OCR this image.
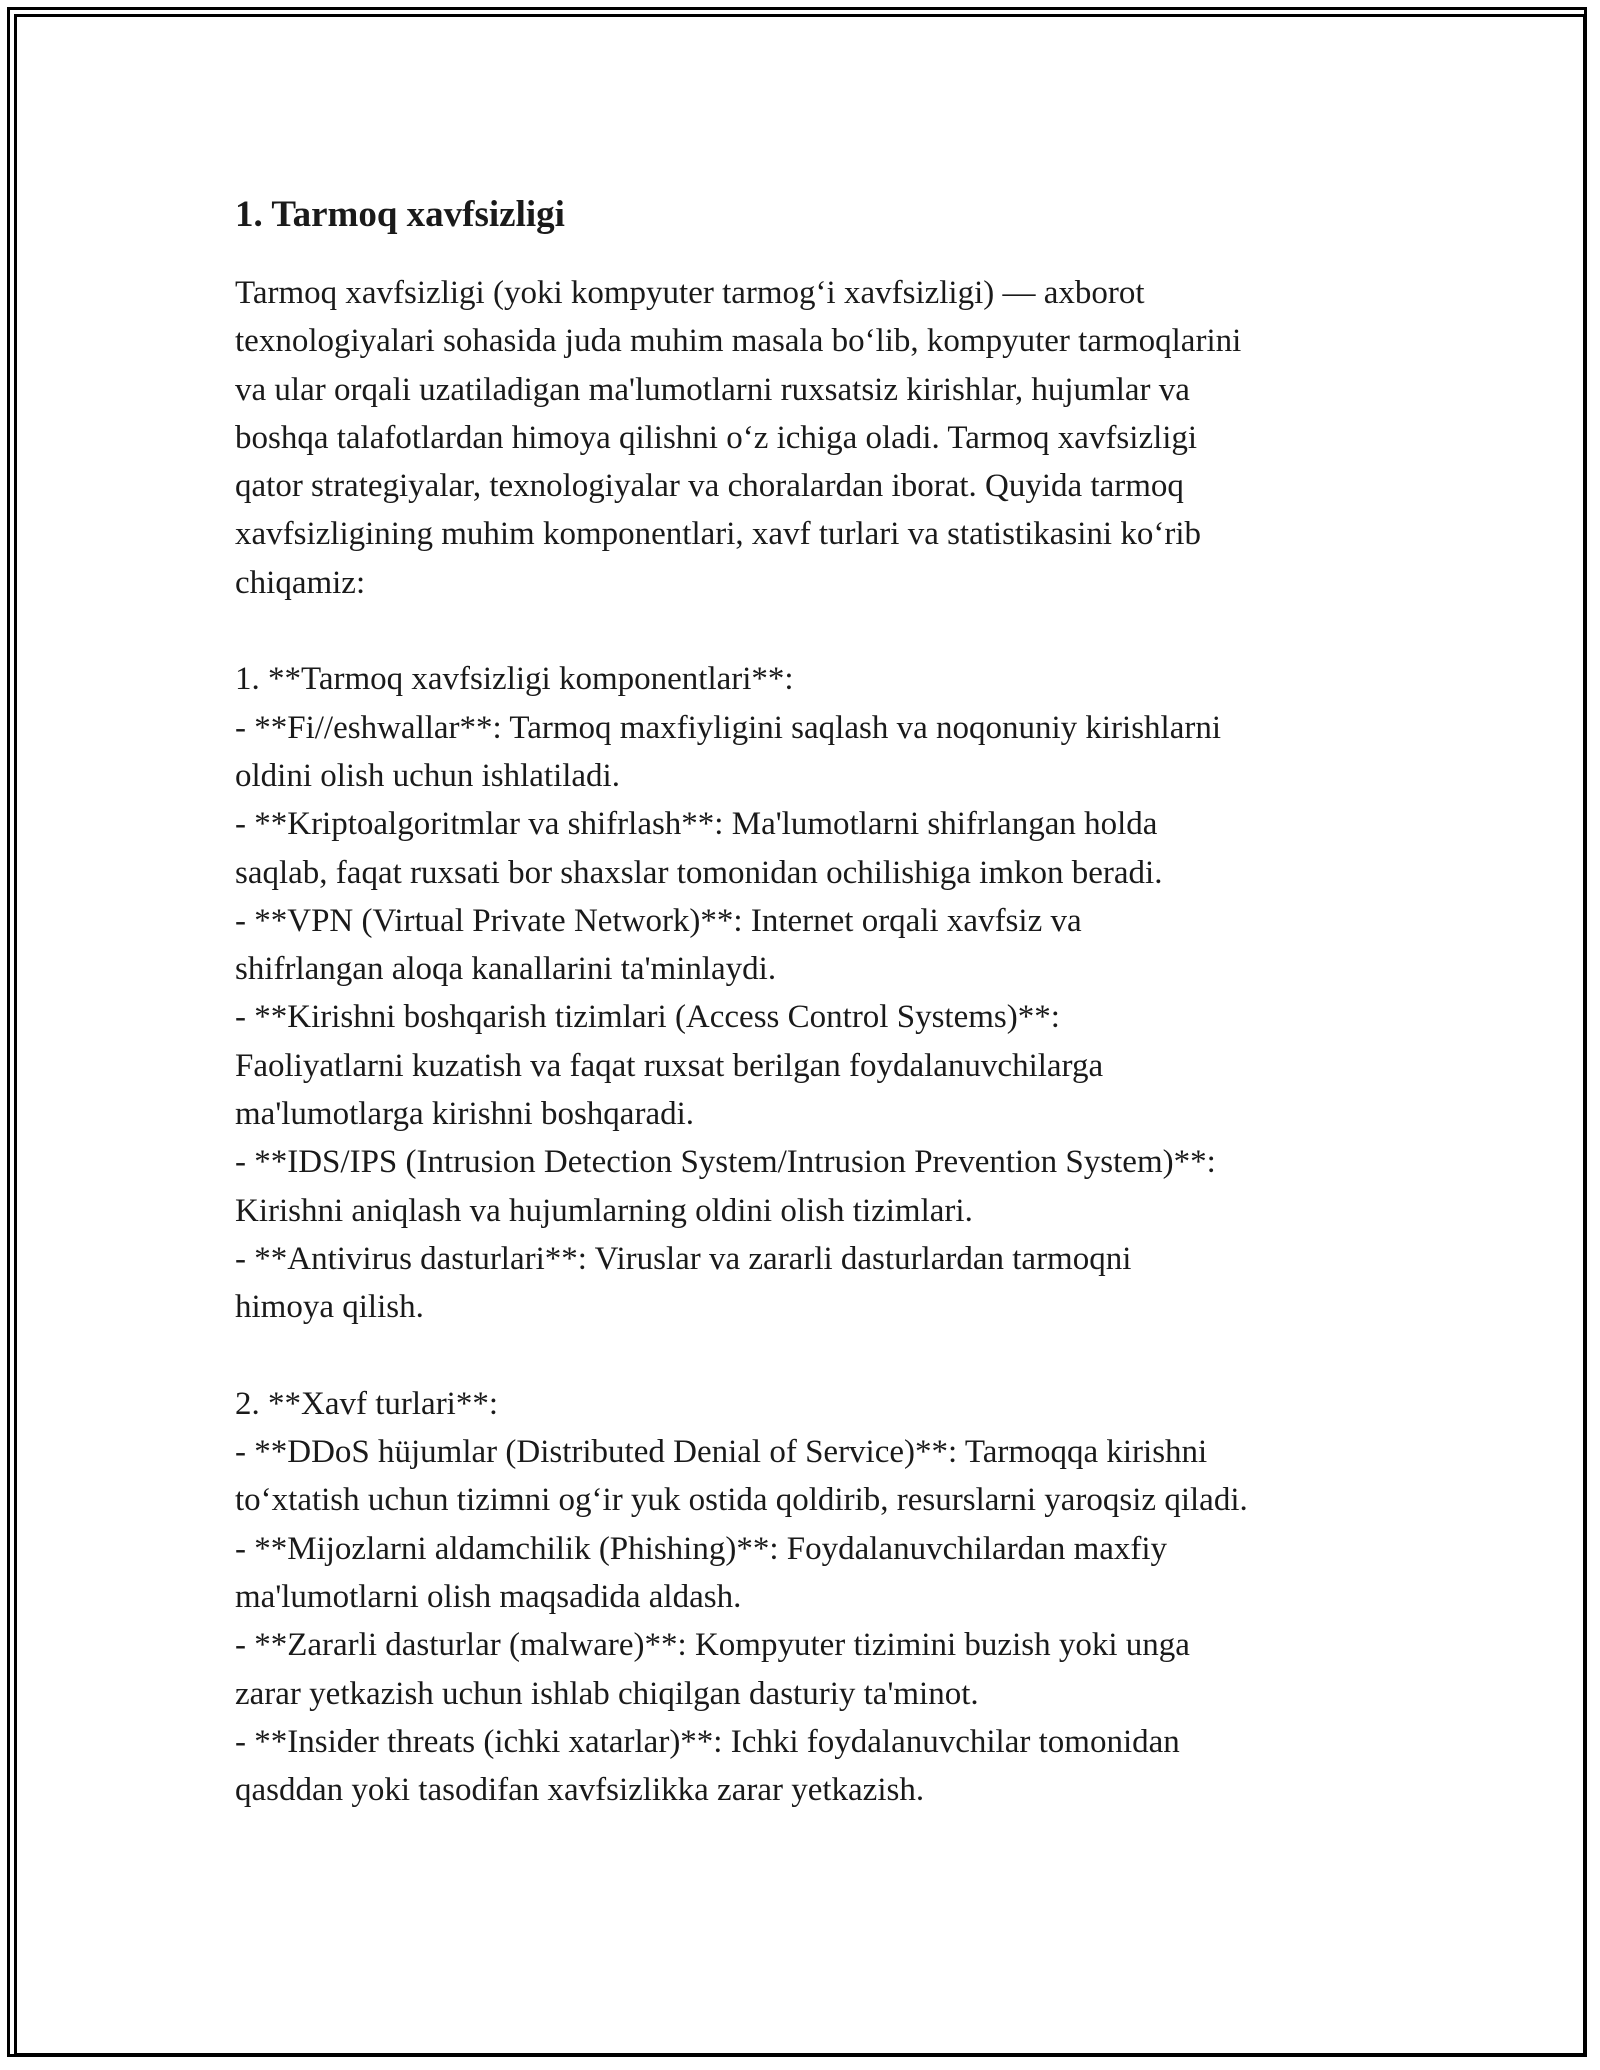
1. Tarmoq xavfsizligi

Tarmoq xavfsizligi (yoki kompyuter tarmog‘i xavfsizligi) — axborot
texnologiyalari sohasida juda muhim masala bo‘lib, kompyuter tarmoqlarini
va ular orqali uzatiladigan ma'lumotlarni ruxsatsiz kirishlar, hujumlar va
boshqa talafotlardan himoya qilishni o‘z ichiga oladi. Tarmoq xavfsizligi
qator strategiyalar, texnologiyalar va choralardan iborat. Quyida tarmoq
xavfsizligining muhim komponentlari, xavf turlari va statistikasini ko‘rib
chiqamiz:

1. **Tarmoq xavfsizligi komponentlari**:
- **Fi//eshwallar**: Tarmoq maxfiyligini saqlash va noqonuniy kirishlarni
oldini olish uchun ishlatiladi.
- **Kriptoalgoritmlar va shifrlash**: Ma'lumotlarni shifrlangan holda
saqlab, faqat ruxsati bor shaxslar tomonidan ochilishiga imkon beradi.
- **VPN (Virtual Private Network)**: Internet orqali xavfsiz va
shifrlangan aloqa kanallarini ta'minlaydi.
- **Kirishni boshqarish tizimlari (Access Control Systems)**:
Faoliyatlarni kuzatish va faqat ruxsat berilgan foydalanuvchilarga
ma'lumotlarga kirishni boshqaradi.
- **IDS/IPS (Intrusion Detection System/Intrusion Prevention System)**:
Kirishni aniqlash va hujumlarning oldini olish tizimlari.
- **Antivirus dasturlari**: Viruslar va zararli dasturlardan tarmoqni
himoya qilish.

2. **Xavf turlari**:
- **DDoS hüjumlar (Distributed Denial of Service)**: Tarmoqqa kirishni
to‘xtatish uchun tizimni og‘ir yuk ostida qoldirib, resurslarni yaroqsiz qiladi.
- **Mijozlarni aldamchilik (Phishing)**: Foydalanuvchilardan maxfiy
ma'lumotlarni olish maqsadida aldash.
- **Zararli dasturlar (malware)**: Kompyuter tizimini buzish yoki unga
zarar yetkazish uchun ishlab chiqilgan dasturiy ta'minot.
- **Insider threats (ichki xatarlar)**: Ichki foydalanuvchilar tomonidan
qasddan yoki tasodifan xavfsizlikka zarar yetkazish.
